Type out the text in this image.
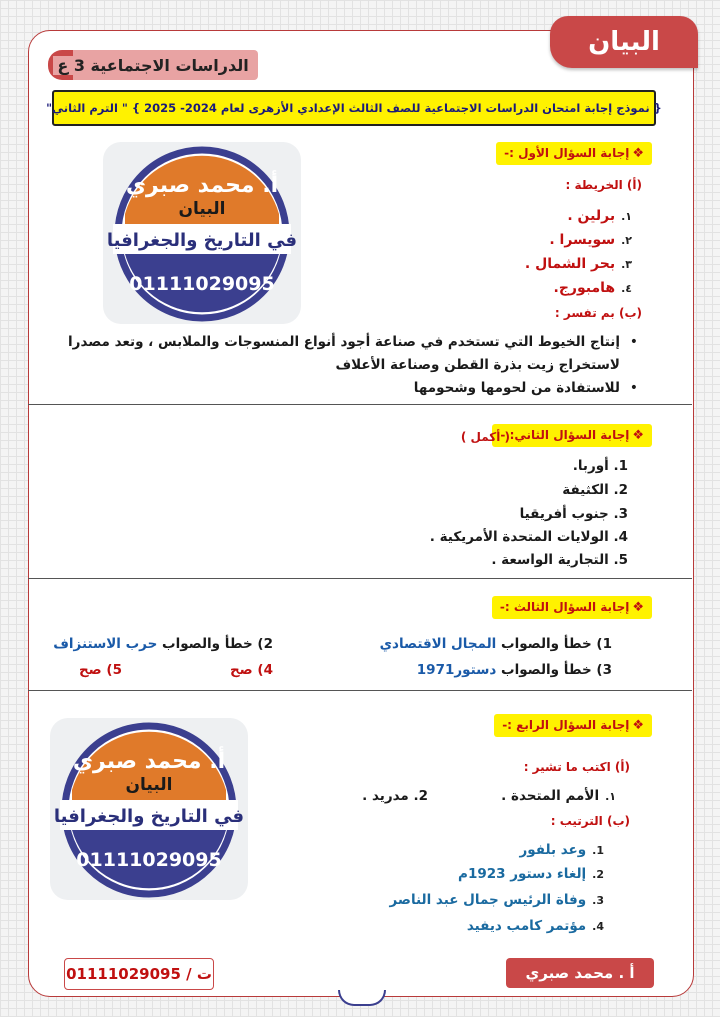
البيان
الدراسات الاجتماعية 3 ع
{ نموذج إجابة امتحان الدراسات الاجتماعية للصف الثالث الإعدادي الأزهرى لعام 2024- 2025 } " الترم الثاني"
أ. محمد صبري
البيان
في التاريخ والجغرافيا
01111029095
❖إجابة السؤال الأول :-
(أ) الخريطة :
١.برلين .
٢.سويسرا .
٣.بحر الشمال .
٤.هامبورج.
(ب) بم تفسر :
•
إنتاج الخيوط التي تستخدم في صناعة أجود أنواع المنسوجات والملابس ، وتعد مصدرا
لاستخراج زيت بذرة القطن وصناعة الأعلاف
•
للاستفادة من لحومها وشحومها
❖إجابة السؤال الثاني: -
( أكمل )
1. أوربا.
2. الكثيفة
3. جنوب أفريقيا
4. الولايات المتحدة الأمريكية .
5. التجارية الواسعة .
❖إجابة السؤال الثالث :-
1) خطأ والصواب المجال الاقتصادي
2) خطأ والصواب حرب الاستنزاف
3) خطأ والصواب دستور1971
4) صح
5) صح
أ. محمد صبري
البيان
في التاريخ والجغرافيا
01111029095
❖إجابة السؤال الرابع :-
(أ) اكتب ما تشير :
١.الأمم المتحدة .
2. مدريد .
(ب) الترتيب :
1.وعد بلفور
2.إلغاء دستور 1923م
3.وفاة الرئيس جمال عبد الناصر
4.مؤتمر كامب ديفيد
أ . محمد صبري
ت / 01111029095
